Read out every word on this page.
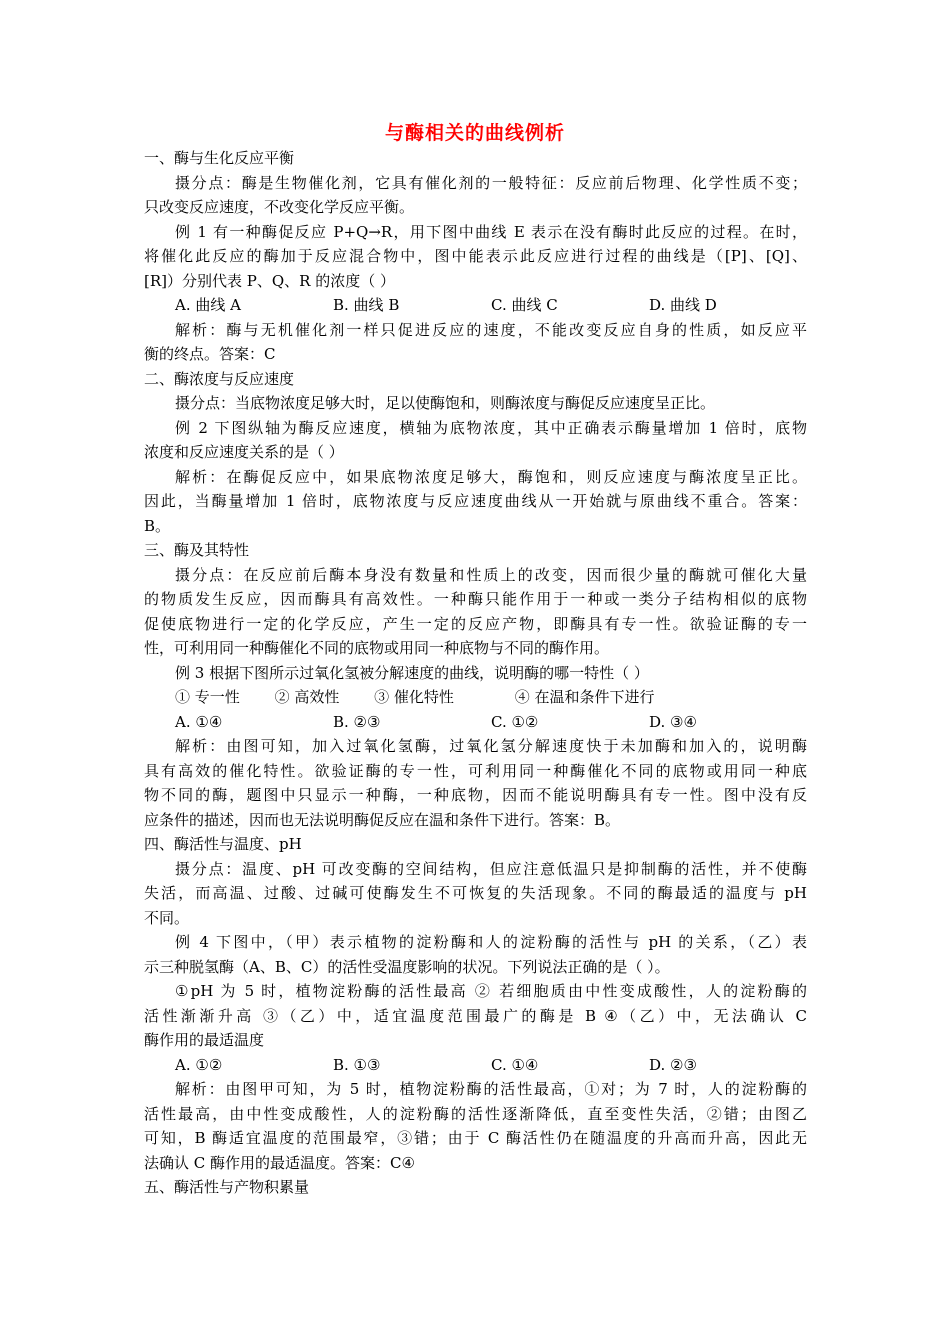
与酶相关的曲线例析
一、酶与生化反应平衡
摄分点：酶是生物催化剂，它具有催化剂的一般特征：反应前后物理、化学性质不变；
只改变反应速度，不改变化学反应平衡。
例 1 有一种酶促反应 P+Q→R，用下图中曲线 E 表示在没有酶时此反应的过程。在时，
将催化此反应的酶加于反应混合物中，图中能表示此反应进行过程的曲线是（[P]、[Q]、
[R]）分别代表 P、Q、R 的浓度（ ）
A. 曲线 A	B. 曲线 B	C. 曲线 C	D. 曲线 D
解析：酶与无机催化剂一样只促进反应的速度，不能改变反应自身的性质，如反应平
衡的终点。答案：C
二、酶浓度与反应速度
摄分点：当底物浓度足够大时，足以使酶饱和，则酶浓度与酶促反应速度呈正比。
例 2 下图纵轴为酶反应速度，横轴为底物浓度，其中正确表示酶量增加 1 倍时，底物
浓度和反应速度关系的是（ ）
解析：在酶促反应中，如果底物浓度足够大，酶饱和，则反应速度与酶浓度呈正比。
因此，当酶量增加 1 倍时，底物浓度与反应速度曲线从一开始就与原曲线不重合。答案：
B。
三、酶及其特性
摄分点：在反应前后酶本身没有数量和性质上的改变，因而很少量的酶就可催化大量
的物质发生反应，因而酶具有高效性。一种酶只能作用于一种或一类分子结构相似的底物
促使底物进行一定的化学反应，产生一定的反应产物，即酶具有专一性。欲验证酶的专一
性，可利用同一种酶催化不同的底物或用同一种底物与不同的酶作用。
例 3 根据下图所示过氧化氢被分解速度的曲线，说明酶的哪一特性（ ）
① 专一性 ② 高效性 ③ 催化特性	④ 在温和条件下进行
A. ①④	B. ②③	C. ①②	D. ③④
解析：由图可知，加入过氧化氢酶，过氧化氢分解速度快于未加酶和加入的，说明酶
具有高效的催化特性。欲验证酶的专一性，可利用同一种酶催化不同的底物或用同一种底
物不同的酶，题图中只显示一种酶，一种底物，因而不能说明酶具有专一性。图中没有反
应条件的描述，因而也无法说明酶促反应在温和条件下进行。答案：B。
四、酶活性与温度、pH
摄分点：温度、pH 可改变酶的空间结构，但应注意低温只是抑制酶的活性，并不使酶
失活，而高温、过酸、过碱可使酶发生不可恢复的失活现象。不同的酶最适的温度与 pH
不同。
例 4 下图中，（甲）表示植物的淀粉酶和人的淀粉酶的活性与 pH 的关系，（乙）表
示三种脱氢酶（A、B、C）的活性受温度影响的状况。下列说法正确的是（ ）。
①pH 为 5 时，植物淀粉酶的活性最高 ② 若细胞质由中性变成酸性，人的淀粉酶的
活性渐渐升高 ③（乙）中，适宜温度范围最广的酶是 B ④（乙）中，无法确认 C
酶作用的最适温度
A. ①②	B. ①③	C. ①④	D. ②③
解析：由图甲可知，为 5 时，植物淀粉酶的活性最高，①对；为 7 时，人的淀粉酶的
活性最高，由中性变成酸性，人的淀粉酶的活性逐渐降低，直至变性失活，②错；由图乙
可知，B 酶适宜温度的范围最窄，③错；由于 C 酶活性仍在随温度的升高而升高，因此无
法确认 C 酶作用的最适温度。答案：C④
五、酶活性与产物积累量
